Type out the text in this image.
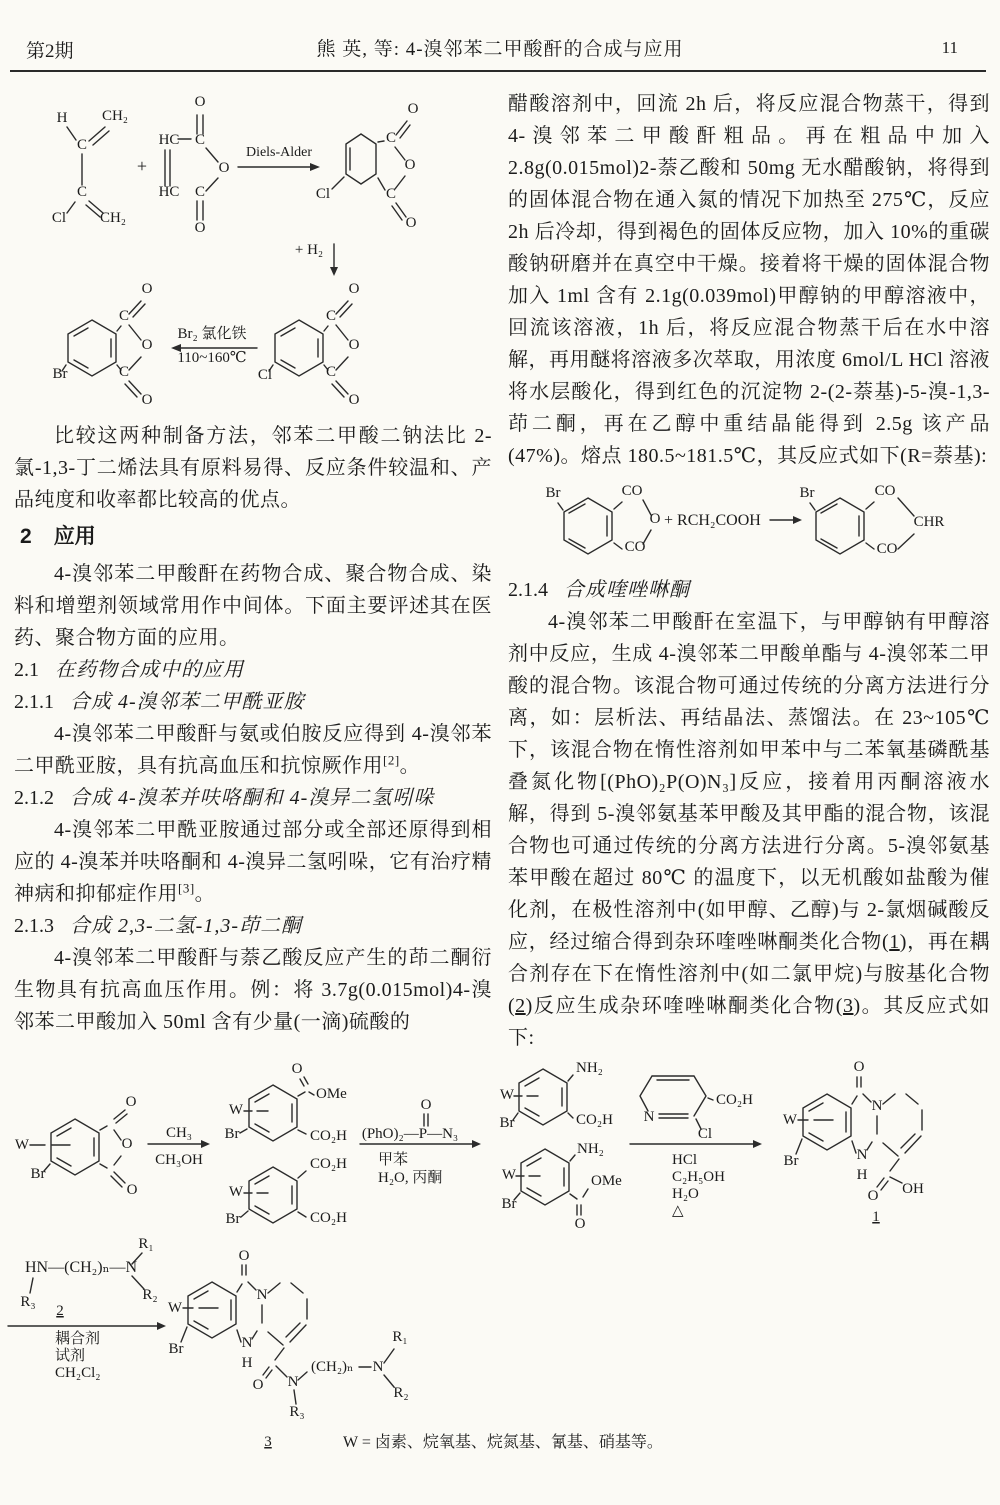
第2期	熊 英, 等: 4-溴邻苯二甲酸酐的合成与应用	11
H CH₂
C
C
Cl CH₂
+
HC C
O
O
HC C
O
Diels-Alder
Cl
C
O
O
C
O
+ H₂
Br₂ 氯化铁
110~160℃
Br
C
O
O
C
O
Cl
C
O
O
C
O

比较这两种制备方法，邻苯二甲酸二钠法比 2-氯-1,3-丁二烯法具有原料易得、反应条件较温和、产品纯度和收率都比较高的优点。

2 应用

4-溴邻苯二甲酸酐在药物合成、聚合物合成、染料和增塑剂领域常用作中间体。下面主要评述其在医药、聚合物方面的应用。

2.1 在药物合成中的应用

2.1.1 合成 4-溴邻苯二甲酰亚胺

4-溴邻苯二甲酸酐与氨或伯胺反应得到 4-溴邻苯二甲酰亚胺，具有抗高血压和抗惊厥作用[2]。

2.1.2 合成 4-溴苯并呋咯酮和 4-溴异二氢吲哚

4-溴邻苯二甲酰亚胺通过部分或全部还原得到相应的 4-溴苯并呋咯酮和 4-溴异二氢吲哚，它有治疗精神病和抑郁症作用[3]。

2.1.3 合成 2,3-二氢-1,3-茚二酮

4-溴邻苯二甲酸酐与萘乙酸反应产生的茚二酮衍生物具有抗高血压作用。例：将 3.7g(0.015mol)4-溴邻苯二甲酸加入 50ml 含有少量(一滴)硫酸的

醋酸溶剂中，回流 2h 后，将反应混合物蒸干，得到 4-溴邻苯二甲酸酐粗品。再在粗品中加入 2.8g(0.015mol)2-萘乙酸和 50mg 无水醋酸钠，将得到的固体混合物在通入氮的情况下加热至 275℃，反应 2h 后冷却，得到褐色的固体反应物，加入 10%的重碳酸钠研磨并在真空中干燥。接着将干燥的固体混合物加入 1ml 含有 2.1g(0.039mol)甲醇钠的甲醇溶液中，回流该溶液，1h 后，将反应混合物蒸干后在水中溶解，再用醚将溶液多次萃取，用浓度 6mol/L HCl 溶液将水层酸化，得到红色的沉淀物 2-(2-萘基)-5-溴-1,3-茚二酮，再在乙醇中重结晶能得到 2.5g 该产品(47%)。熔点 180.5~181.5℃，其反应式如下(R=萘基):

Br	CO
O
CO
+ RCH₂COOH
Br	CO
CHR
CO

2.1.4 合成喹唑啉酮

4-溴邻苯二甲酸酐在室温下，与甲醇钠有甲醇溶剂中反应，生成 4-溴邻苯二甲酸单酯与 4-溴邻苯二甲酸的混合物。该混合物可通过传统的分离方法进行分离，如：层析法、再结晶法、蒸馏法。在 23~105℃ 下，该混合物在惰性溶剂如甲苯中与二苯氧基磷酰基叠氮化物[(PhO)₂P(O)N₃]反应，接着用丙酮溶液水解，得到 5-溴邻氨基苯甲酸及其甲酯的混合物，该混合物也可通过传统的分离方法进行分离。5-溴邻氨基苯甲酸在超过 80℃ 的温度下，以无机酸如盐酸为催化剂，在极性溶剂中(如甲醇、乙醇)与 2-氯烟碱酸反应，经过缩合得到杂环喹唑啉酮类化合物(1)，再在耦合剂存在下在惰性溶剂中(如二氯甲烷)与胺基化合物(2)反应生成杂环喹唑啉酮类化合物(3)。其反应式如下:

W
Br
O
O
O
CH₃
CH₃OH
W
Br
O
OMe
CO₂H
CO₂H
W
Br	CO₂H
O
(PhO)₂—P—N₃
甲苯
H₂O, 丙酮
NH₂
W
Br	CO₂H
NH₂
W	OMe
Br
O
CO₂H
N
Cl
HCl
C₂H₅OH
H₂O
△
O
N
W
Br	N
H
O OH
1
HN—(CH₂)ₙ—N
R₁
R₂
R₃
2
耦合剂
试剂
CH₂Cl₂
O
N
W
Br	N
H
O N
R₃
(CH₂)ₙ N
R₁
R₂
3	W = 卤素、烷氧基、烷氮基、氰基、硝基等。
